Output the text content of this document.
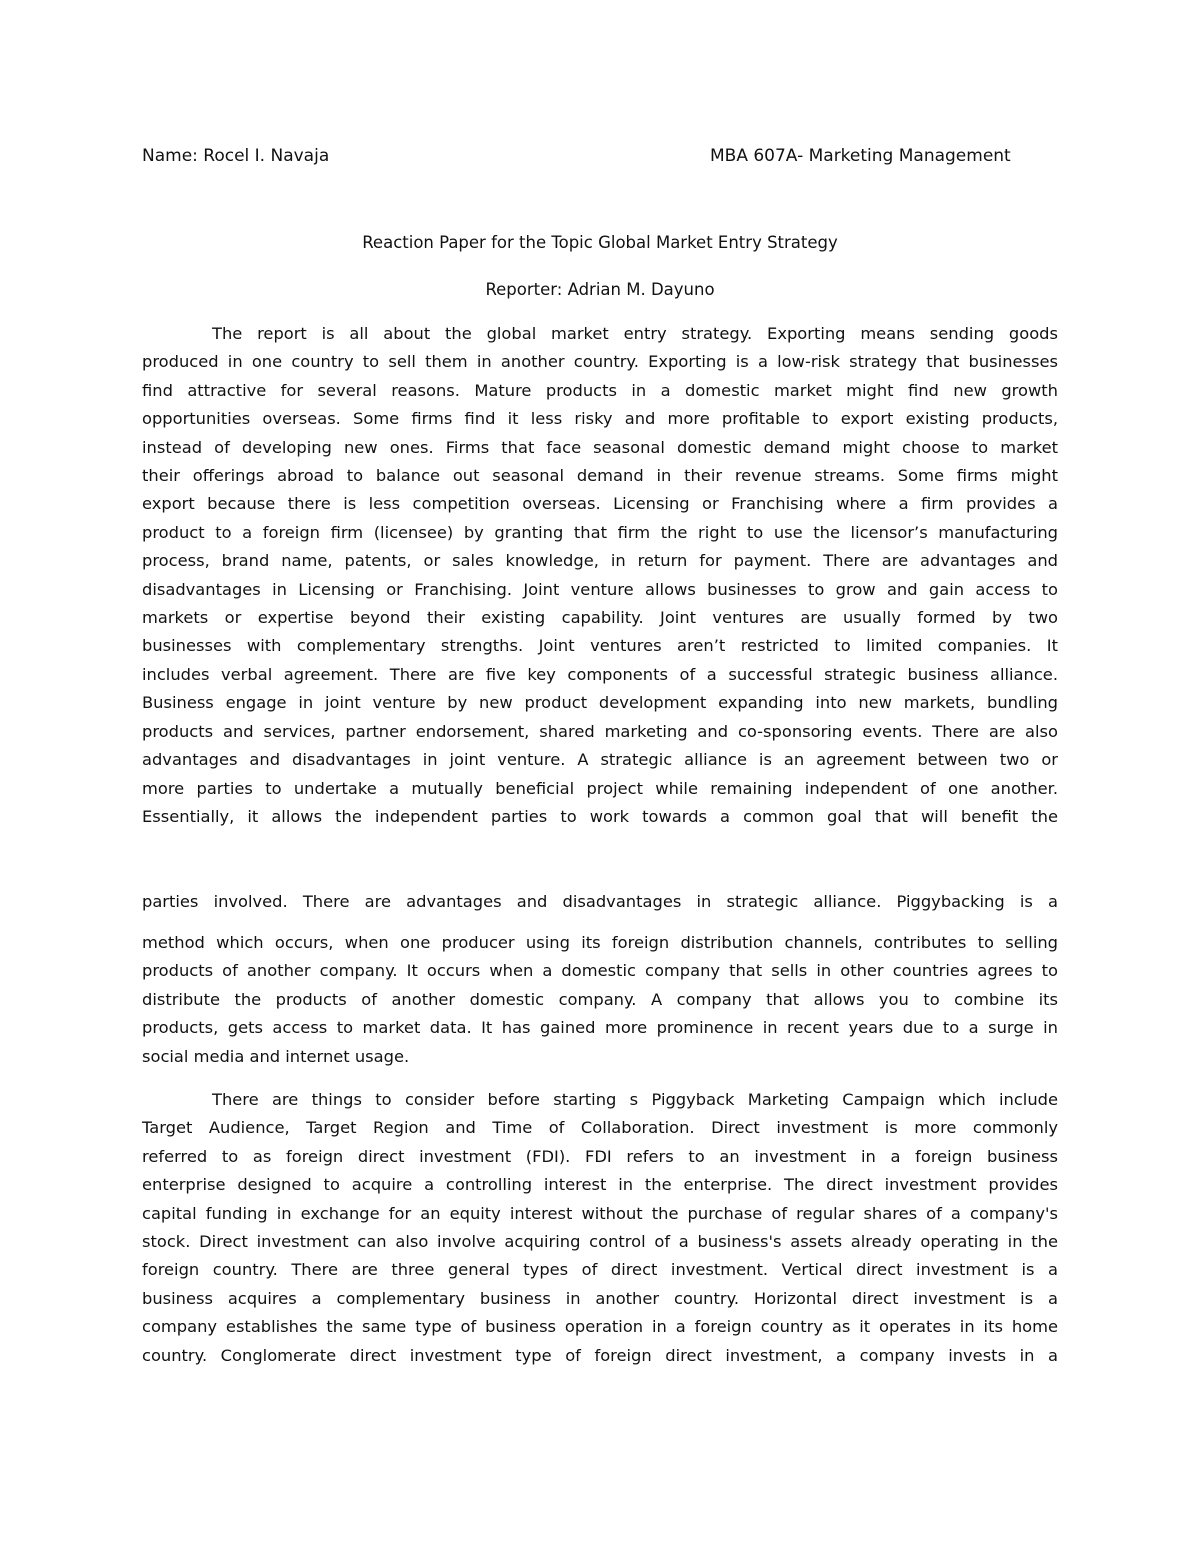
Name: Rocel I. Navaja	MBA 607A- Marketing Management
Reaction Paper for the Topic Global Market Entry Strategy
Reporter: Adrian M. Dayuno
The report is all about the global market entry strategy. Exporting means sending goods
produced in one country to sell them in another country. Exporting is a low-risk strategy that businesses
find attractive for several reasons. Mature products in a domestic market might find new growth
opportunities overseas. Some firms find it less risky and more profitable to export existing products,
instead of developing new ones. Firms that face seasonal domestic demand might choose to market
their offerings abroad to balance out seasonal demand in their revenue streams. Some firms might
export because there is less competition overseas. Licensing or Franchising where a firm provides a
product to a foreign firm (licensee) by granting that firm the right to use the licensor’s manufacturing
process, brand name, patents, or sales knowledge, in return for payment. There are advantages and
disadvantages in Licensing or Franchising. Joint venture allows businesses to grow and gain access to
markets or expertise beyond their existing capability. Joint ventures are usually formed by two
businesses with complementary strengths. Joint ventures aren’t restricted to limited companies. It
includes verbal agreement. There are five key components of a successful strategic business alliance.
Business engage in joint venture by new product development expanding into new markets, bundling
products and services, partner endorsement, shared marketing and co-sponsoring events. There are also
advantages and disadvantages in joint venture. A strategic alliance is an agreement between two or
more parties to undertake a mutually beneficial project while remaining independent of one another.
Essentially, it allows the independent parties to work towards a common goal that will benefit the
parties involved. There are advantages and disadvantages in strategic alliance. Piggybacking is a
method which occurs, when one producer using its foreign distribution channels, contributes to selling
products of another company. It occurs when a domestic company that sells in other countries agrees to
distribute the products of another domestic company. A company that allows you to combine its
products, gets access to market data. It has gained more prominence in recent years due to a surge in
social media and internet usage.
There are things to consider before starting s Piggyback Marketing Campaign which include
Target Audience, Target Region and Time of Collaboration. Direct investment is more commonly
referred to as foreign direct investment (FDI). FDI refers to an investment in a foreign business
enterprise designed to acquire a controlling interest in the enterprise. The direct investment provides
capital funding in exchange for an equity interest without the purchase of regular shares of a company's
stock. Direct investment can also involve acquiring control of a business's assets already operating in the
foreign country. There are three general types of direct investment. Vertical direct investment is a
business acquires a complementary business in another country. Horizontal direct investment is a
company establishes the same type of business operation in a foreign country as it operates in its home
country. Conglomerate direct investment type of foreign direct investment, a company invests in a
